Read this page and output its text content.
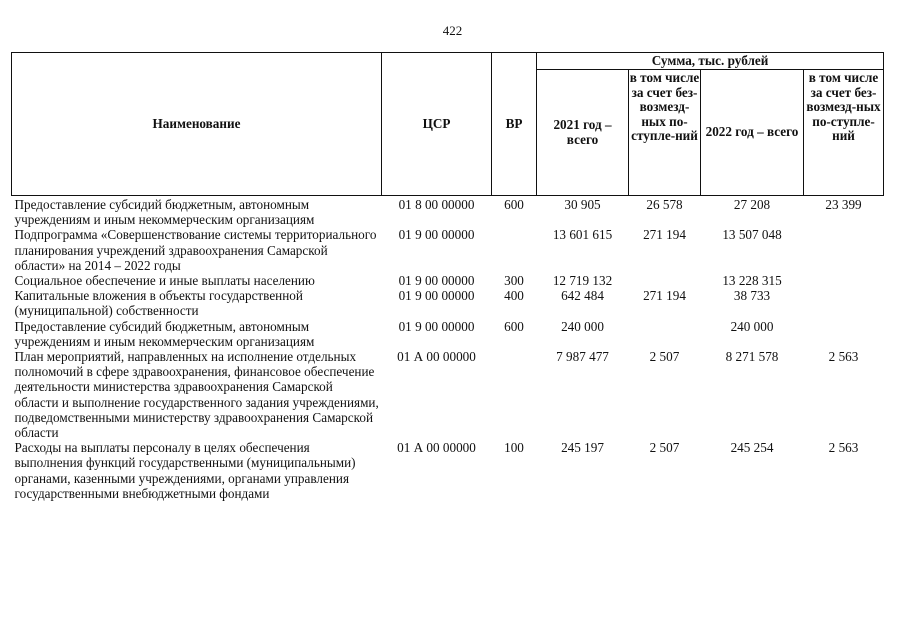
422
Наименование	ЦСР	ВР	Сумма, тыс. рублей			
			2021 год – всего	в том числе за счет без-возмезд-ных по-ступле-ний	2022 год – всего	в том числе за счет без-возмезд-ных по-ступле-ний
Предоставление субсидий бюджетным, автономным учреждениям и иным некоммерческим организациям	01 8 00 00000	600	30 905	26 578	27 208	23 399
Подпрограмма «Совершенствование системы территориального планирования учреждений здравоохранения Самарской области» на 2014 – 2022 годы	01 9 00 00000		13 601 615	271 194	13 507 048	
Социальное обеспечение и иные выплаты населению	01 9 00 00000	300	12 719 132		13 228 315	
Капитальные вложения в объекты государственной (муниципальной) собственности	01 9 00 00000	400	642 484	271 194	38 733	
Предоставление субсидий бюджетным, автономным учреждениям и иным некоммерческим организациям	01 9 00 00000	600	240 000		240 000	
План мероприятий, направленных на исполнение отдельных полномочий в сфере здравоохранения, финансовое обеспечение деятельности министерства здравоохранения Самарской области и выполнение государственного задания учреждениями, подведомственными министерству здравоохранения Самарской области	01 А 00 00000		7 987 477	2 507	8 271 578	2 563
Расходы на выплаты персоналу в целях обеспечения выполнения функций государственными (муниципальными) органами, казенными учреждениями, органами управления государственными внебюджетными фондами	01 А 00 00000	100	245 197	2 507	245 254	2 563
